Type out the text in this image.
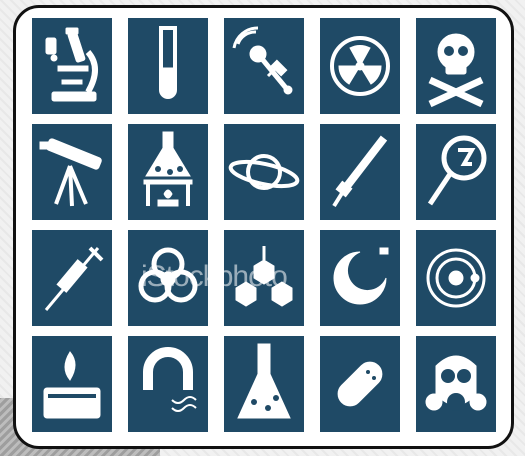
iStockphoto
